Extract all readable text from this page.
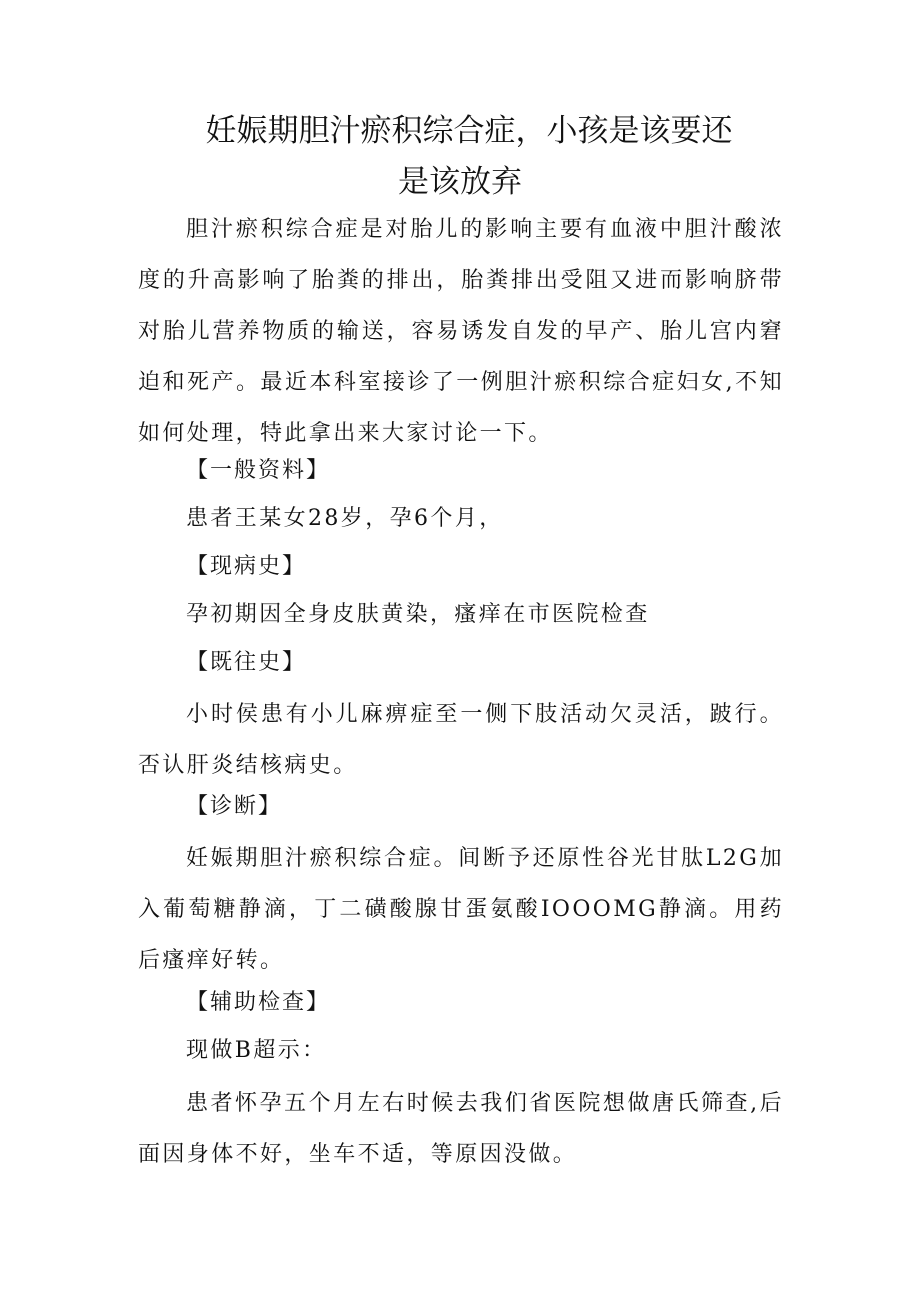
妊娠期胆汁瘀积综合症，小孩是该要还
是该放弃

胆汁瘀积综合症是对胎儿的影响主要有血液中胆汁酸浓度的升高影响了胎粪的排出，胎粪排出受阻又进而影响脐带对胎儿营养物质的输送，容易诱发自发的早产、胎儿宫内窘迫和死产。最近本科室接诊了一例胆汁瘀积综合症妇女,不知如何处理，特此拿出来大家讨论一下。

【一般资料】

患者王某女28岁，孕6个月，

【现病史】

孕初期因全身皮肤黄染，瘙痒在市医院检查

【既往史】

小时侯患有小儿麻痹症至一侧下肢活动欠灵活，跛行。否认肝炎结核病史。

【诊断】

妊娠期胆汁瘀积综合症。间断予还原性谷光甘肽L2G加入葡萄糖静滴，丁二磺酸腺甘蛋氨酸IOOOMG静滴。用药后瘙痒好转。

【辅助检查】

现做B超示：

患者怀孕五个月左右时候去我们省医院想做唐氏筛查,后面因身体不好，坐车不适，等原因没做。
